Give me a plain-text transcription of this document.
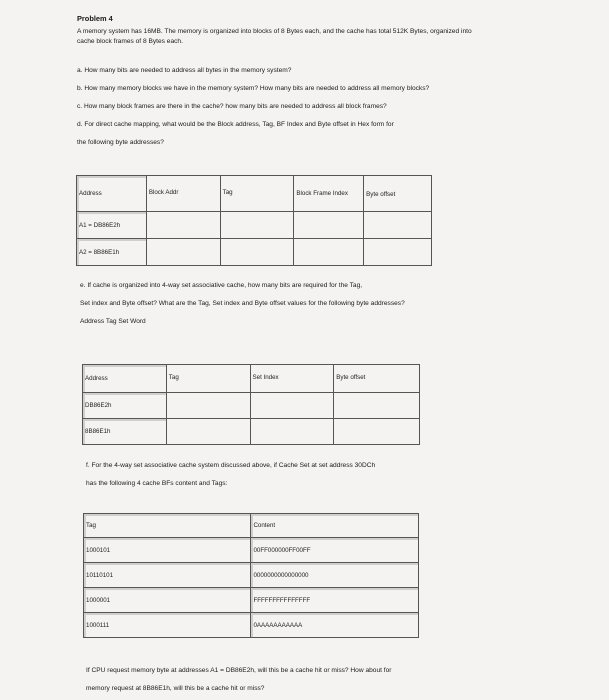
Problem 4
A memory system has 16MB. The memory is organized into blocks of 8 Bytes each, and the cache has total 512K Bytes, organized into
cache block frames of 8 Bytes each.
a. How many bits are needed to address all bytes in the memory system?
b. How many memory blocks we have in the memory system? How many bits are needed to address all memory blocks?
c. How many block frames are there in the cache? how many bits are needed to address all block frames?
d. For direct cache mapping, what would be the Block address, Tag, BF Index and Byte offset in Hex form for
the following byte addresses?
Address	Block Addr	Tag	Block Frame Index	Byte offset
A1 = DB86E2h				
A2 = 8B86E1h				
e. If cache is organized into 4-way set associative cache, how many bits are required for the Tag,
Set index and Byte offset? What are the Tag, Set index and Byte offset values for the following byte addresses?
Address Tag Set Word
Address	Tag	Set Index	Byte offset
DB86E2h			
8B86E1h			
f. For the 4-way set associative cache system discussed above, if Cache Set at set address 30DCh
has the following 4 cache BFs content and Tags:
Tag	Content
1000101	00FF000000FF00FF
10110101	0000000000000000
1000001	FFFFFFFFFFFFFFF
1000111	0AAAAAAAAAAA
If CPU request memory byte at addresses A1 = DB86E2h, will this be a cache hit or miss? How about for
memory request at 8B86E1h, will this be a cache hit or miss?
